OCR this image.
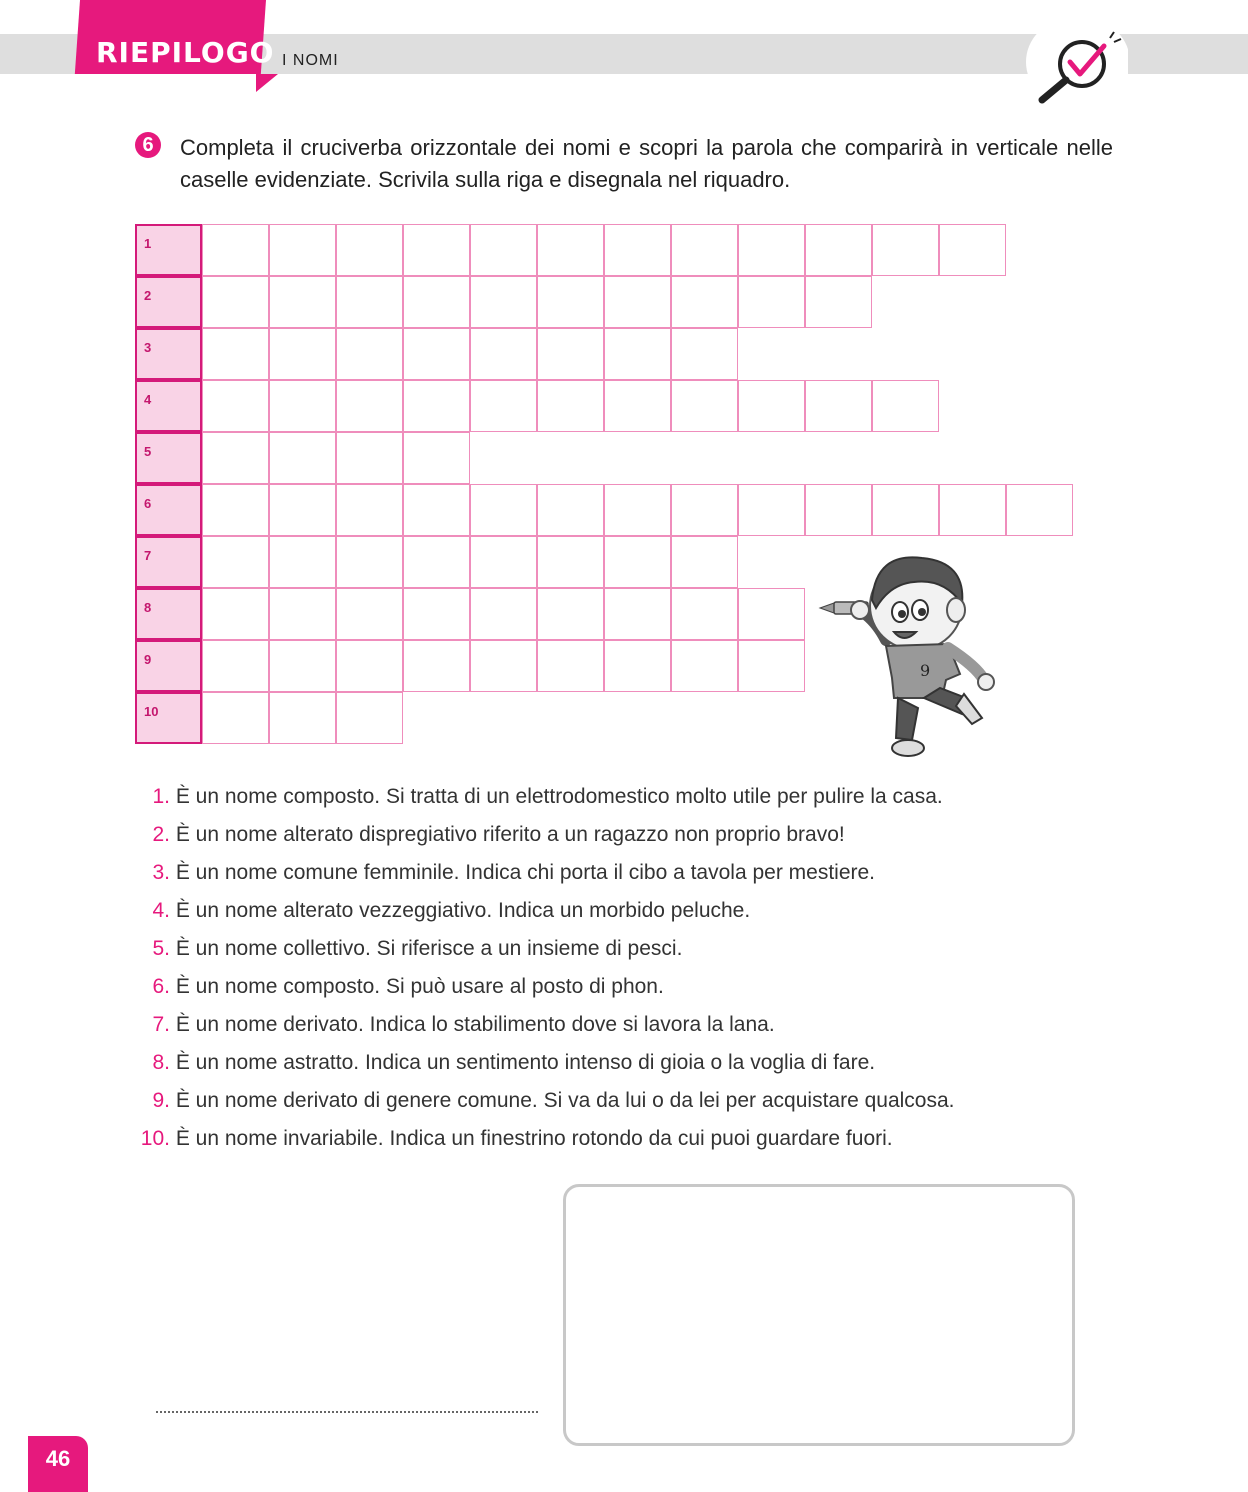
RIEPILOGO I NOMI
6	Completa il cruciverba orizzontale dei nomi e scopri la parola che comparirà in verticale nelle caselle evidenziate. Scrivila sulla riga e disegnala nel riquadro.
1
2
3
4
5
6
7
8
9
10
9
1. È un nome composto. Si tratta di un elettrodomestico molto utile per pulire la casa.
2. È un nome alterato dispregiativo riferito a un ragazzo non proprio bravo!
3. È un nome comune femminile. Indica chi porta il cibo a tavola per mestiere.
4. È un nome alterato vezzeggiativo. Indica un morbido peluche.
5. È un nome collettivo. Si riferisce a un insieme di pesci.
6. È un nome composto. Si può usare al posto di phon.
7. È un nome derivato. Indica lo stabilimento dove si lavora la lana.
8. È un nome astratto. Indica un sentimento intenso di gioia o la voglia di fare.
9. È un nome derivato di genere comune. Si va da lui o da lei per acquistare qualcosa.
10. È un nome invariabile. Indica un finestrino rotondo da cui puoi guardare fuori.
46
